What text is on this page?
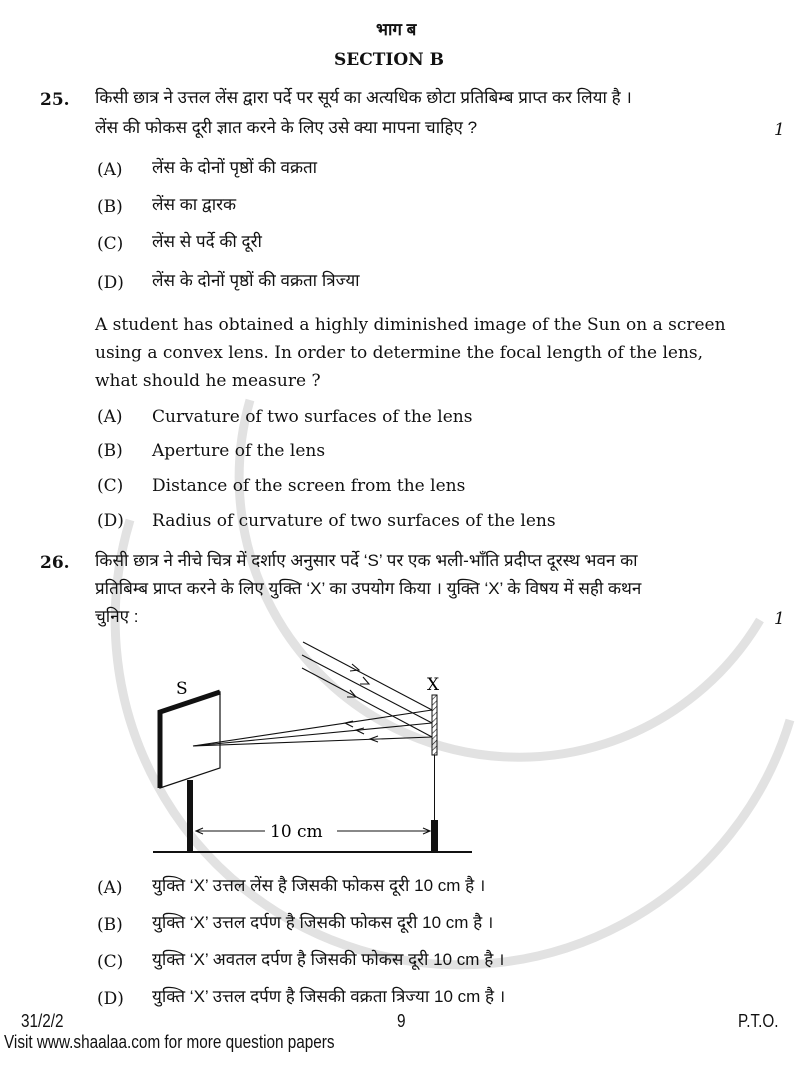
भाग ब
SECTION B
25. किसी छात्र ने उत्तल लेंस द्वारा पर्दे पर सूर्य का अत्यधिक छोटा प्रतिबिम्ब प्राप्त कर लिया है ।
लेंस की फोकस दूरी ज्ञात करने के लिए उसे क्या मापना चाहिए ?	1
(A) लेंस के दोनों पृष्ठों की वक्रता
(B) लेंस का द्वारक
(C) लेंस से पर्दे की दूरी
(D) लेंस के दोनों पृष्ठों की वक्रता त्रिज्या
A student has obtained a highly diminished image of the Sun on a screen
using a convex lens. In order to determine the focal length of the lens,
what should he measure ?
(A) Curvature of two surfaces of the lens
(B) Aperture of the lens
(C) Distance of the screen from the lens
(D) Radius of curvature of two surfaces of the lens
26. किसी छात्र ने नीचे चित्र में दर्शाए अनुसार पर्दे ‘S’ पर एक भली-भाँति प्रदीप्त दूरस्थ भवन का
प्रतिबिम्ब प्राप्त करने के लिए युक्ति ‘X’ का उपयोग किया । युक्ति ‘X’ के विषय में सही कथन
चुनिए :	1
S	X
10 cm
(A) युक्ति ‘X’ उत्तल लेंस है जिसकी फोकस दूरी 10 cm है ।
(B) युक्ति ‘X’ उत्तल दर्पण है जिसकी फोकस दूरी 10 cm है ।
(C) युक्ति ‘X’ अवतल दर्पण है जिसकी फोकस दूरी 10 cm है ।
(D) युक्ति ‘X’ उत्तल दर्पण है जिसकी वक्रता त्रिज्या 10 cm है ।
31/2/2	9	P.T.O.
Visit www.shaalaa.com for more question papers
